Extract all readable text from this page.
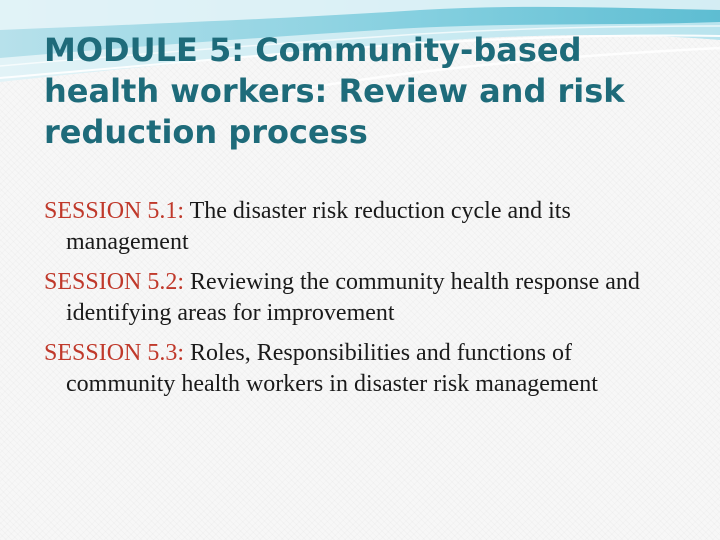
MODULE 5: Community-based health workers: Review and risk reduction process
SESSION 5.1: The disaster risk reduction cycle and its management
SESSION 5.2: Reviewing the community health response and identifying areas for improvement
SESSION 5.3: Roles, Responsibilities and functions of community health workers in disaster risk management
